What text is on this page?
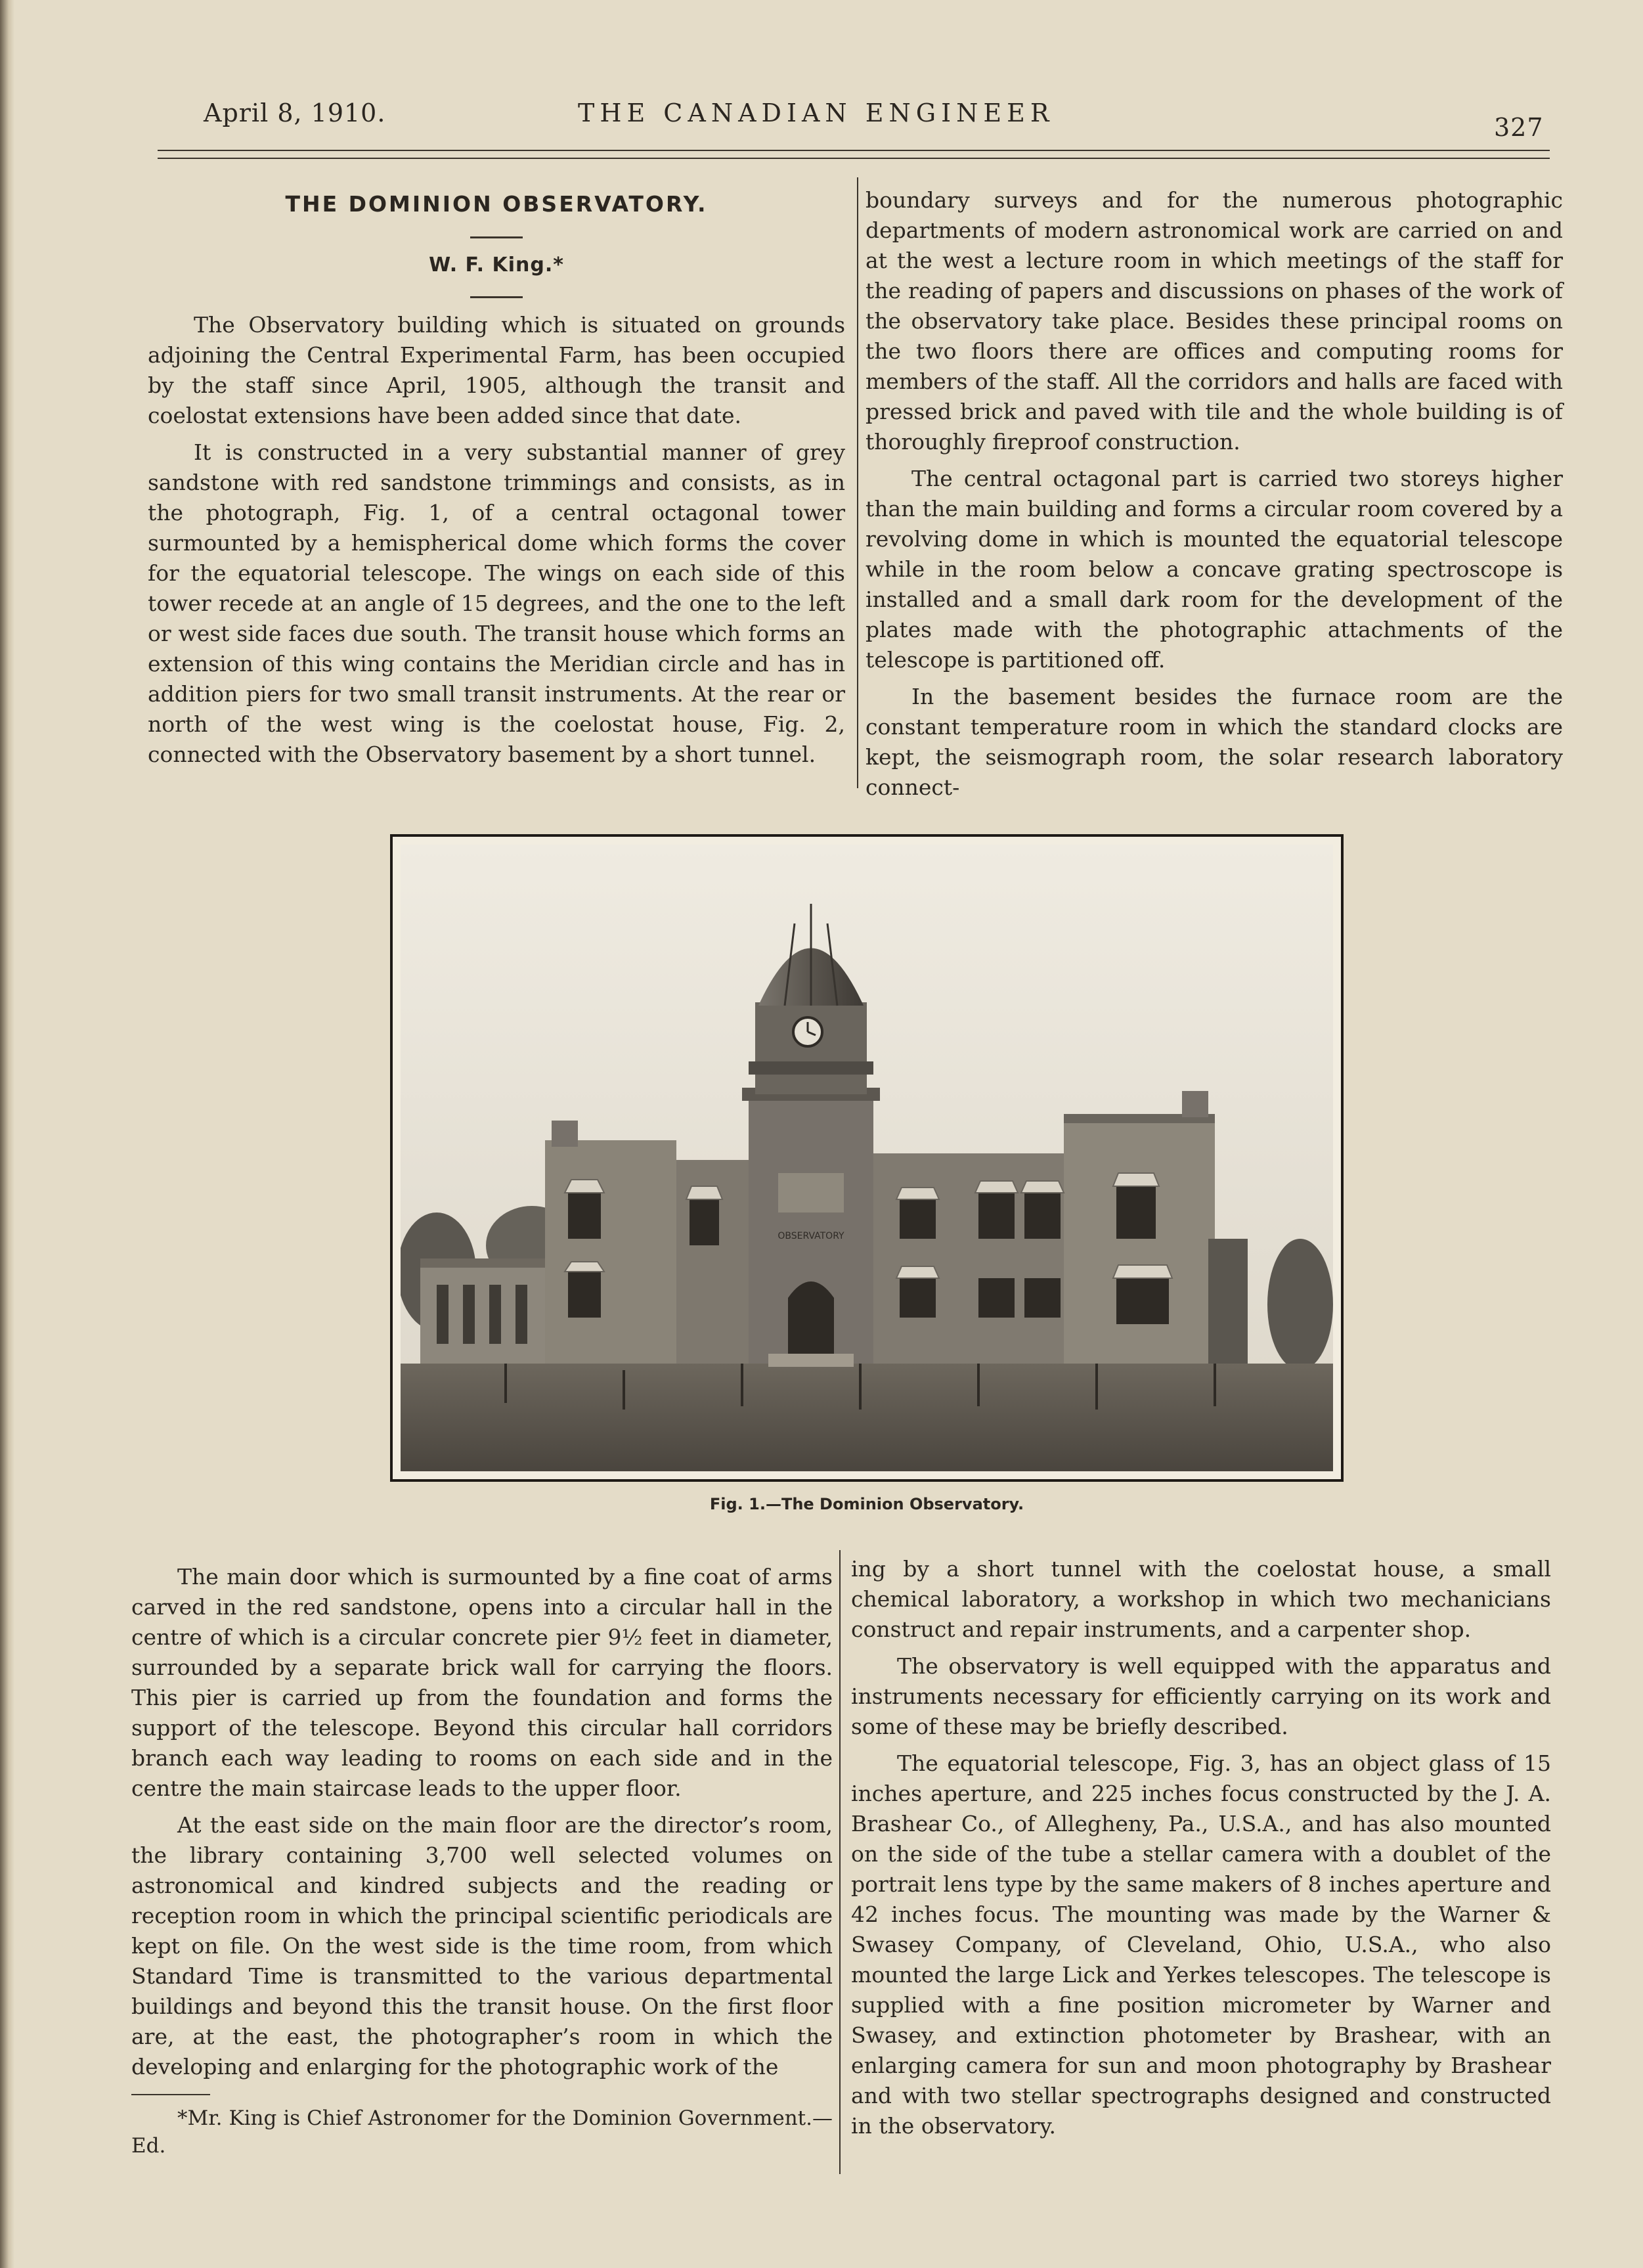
April 8, 1910.	THE CANADIAN ENGINEER	327
THE DOMINION OBSERVATORY.
W. F. King.*

The Observatory building which is situated on grounds adjoining the Central Experimental Farm, has been occupied by the staff since April, 1905, although the transit and coelostat extensions have been added since that date.

It is constructed in a very substantial manner of grey sandstone with red sandstone trimmings and consists, as in the photograph, Fig. 1, of a central octagonal tower surmounted by a hemispherical dome which forms the cover for the equatorial telescope. The wings on each side of this tower recede at an angle of 15 degrees, and the one to the left or west side faces due south. The transit house which forms an extension of this wing contains the Meridian circle and has in addition piers for two small transit instruments. At the rear or north of the west wing is the coelostat house, Fig. 2, connected with the Observatory basement by a short tunnel.

boundary surveys and for the numerous photographic departments of modern astronomical work are carried on and at the west a lecture room in which meetings of the staff for the reading of papers and discussions on phases of the work of the observatory take place. Besides these principal rooms on the two floors there are offices and computing rooms for members of the staff. All the corridors and halls are faced with pressed brick and paved with tile and the whole building is of thoroughly fireproof construction.

The central octagonal part is carried two storeys higher than the main building and forms a circular room covered by a revolving dome in which is mounted the equatorial telescope while in the room below a concave grating spectroscope is installed and a small dark room for the development of the plates made with the photographic attachments of the telescope is partitioned off.

In the basement besides the furnace room are the constant temperature room in which the standard clocks are kept, the seismograph room, the solar research laboratory connect-

OBSERVATORY
Fig. 1.—The Dominion Observatory.

The main door which is surmounted by a fine coat of arms carved in the red sandstone, opens into a circular hall in the centre of which is a circular concrete pier 9½ feet in diameter, surrounded by a separate brick wall for carrying the floors. This pier is carried up from the foundation and forms the support of the telescope. Beyond this circular hall corridors branch each way leading to rooms on each side and in the centre the main staircase leads to the upper floor.

At the east side on the main floor are the director’s room, the library containing 3,700 well selected volumes on astronomical and kindred subjects and the reading or reception room in which the principal scientific periodicals are kept on file. On the west side is the time room, from which Standard Time is transmitted to the various departmental buildings and beyond this the transit house. On the first floor are, at the east, the photographer’s room in which the developing and enlarging for the photographic work of the

*Mr. King is Chief Astronomer for the Dominion Government.—Ed.

ing by a short tunnel with the coelostat house, a small chemical laboratory, a workshop in which two mechanicians construct and repair instruments, and a carpenter shop.

The observatory is well equipped with the apparatus and instruments necessary for efficiently carrying on its work and some of these may be briefly described.

The equatorial telescope, Fig. 3, has an object glass of 15 inches aperture, and 225 inches focus constructed by the J. A. Brashear Co., of Allegheny, Pa., U.S.A., and has also mounted on the side of the tube a stellar camera with a doublet of the portrait lens type by the same makers of 8 inches aperture and 42 inches focus. The mounting was made by the Warner & Swasey Company, of Cleveland, Ohio, U.S.A., who also mounted the large Lick and Yerkes telescopes. The telescope is supplied with a fine position micrometer by Warner and Swasey, and extinction photometer by Brashear, with an enlarging camera for sun and moon photography by Brashear and with two stellar spectrographs designed and constructed in the observatory.
